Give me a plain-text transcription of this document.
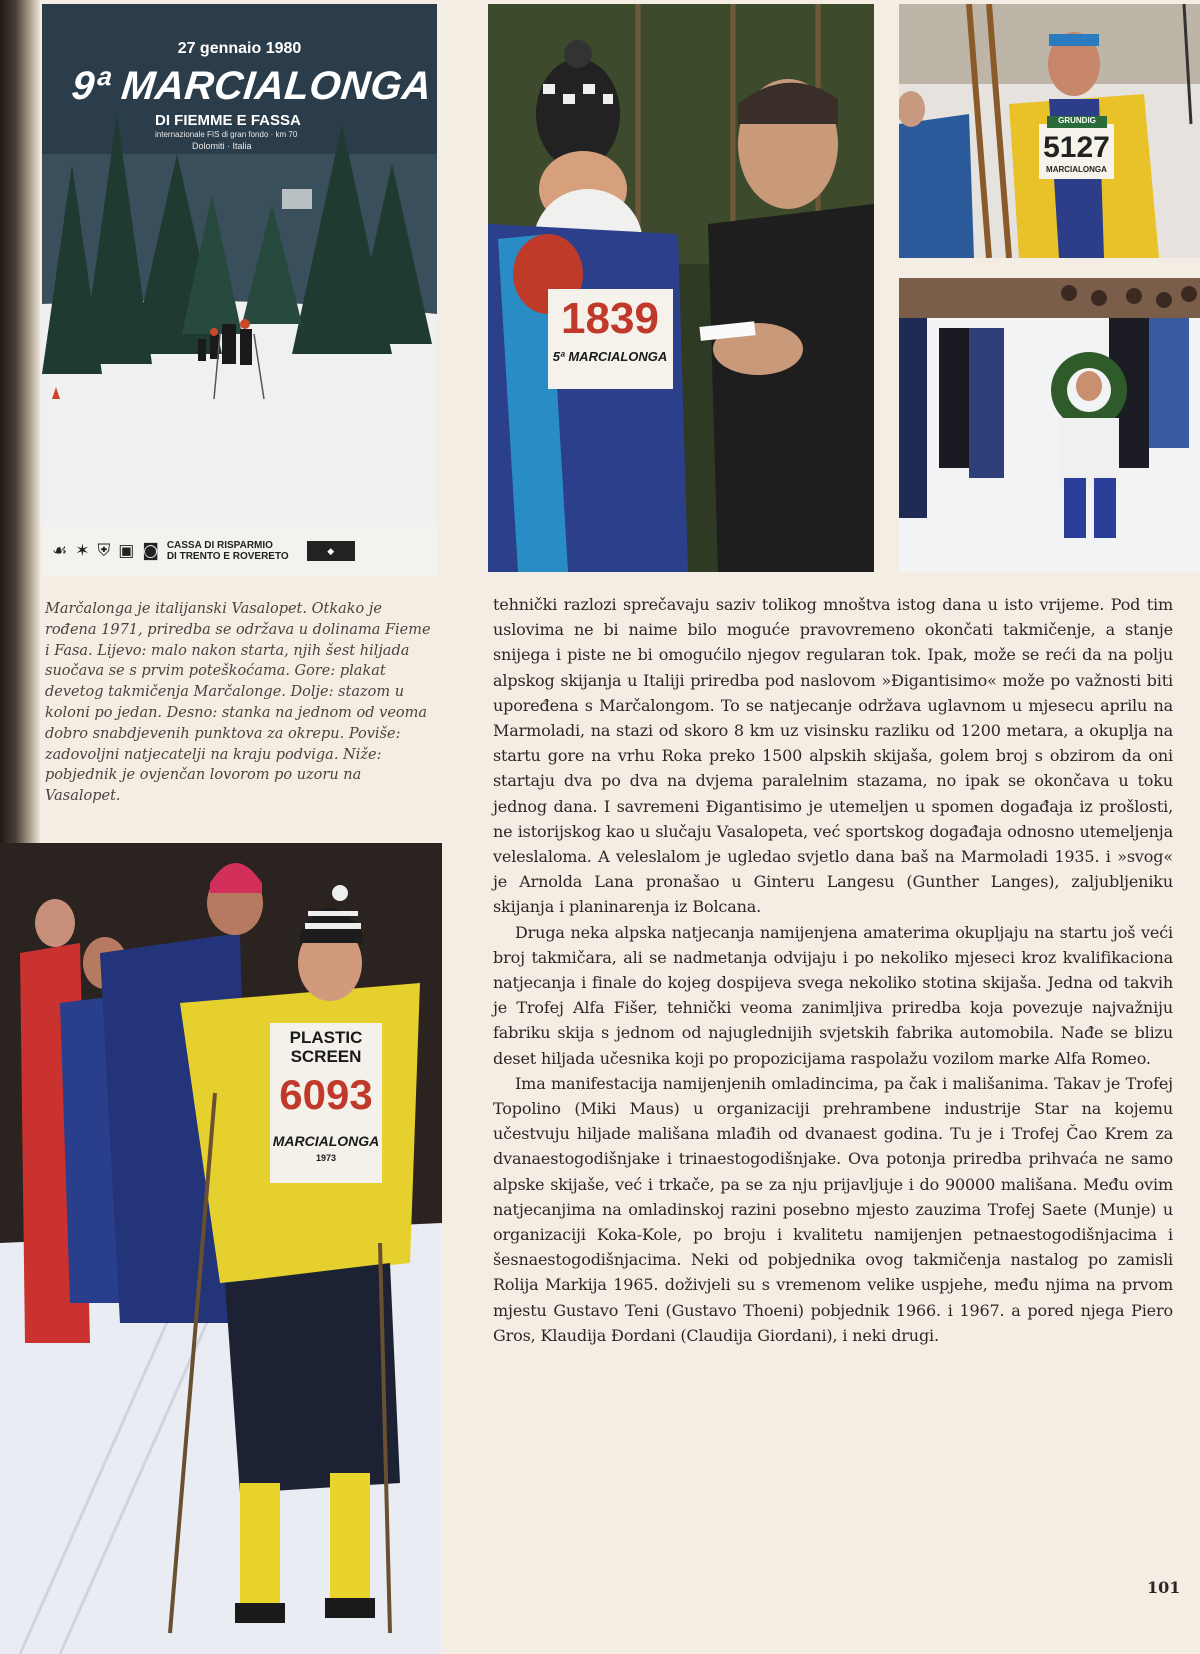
27 gennaio 1980
9ª MARCIALONGA
DI FIEMME E FASSA
internazionale FIS di gran fondo · km 70
Dolomiti · Italia
☙ ✶ ⛨ ▣ ◙ CASSA DI RISPARMIO
DI TRENTO E ROVERETO	◆
1839
5ª MARCIALONGA
GRUNDIG
5127
MARCIALONGA
PLASTIC SCREEN
6093
MARCIALONGA
1973

Marčalonga je italijanski Vasalopet. Otkako je rođena 1971, priredba se održava u dolinama Fieme i Fasa. Lijevo: malo nakon starta, njih šest hiljada suočava se s prvim poteškoćama. Gore: plakat devetog takmičenja Marčalonge. Dolje: stazom u koloni po jedan. Desno: stanka na jednom od veoma dobro snabdjevenih punktova za okrepu. Poviše: zadovoljni natjecatelji na kraju podviga. Niže: pobjednik je ovjenčan lovorom po uzoru na Vasalopet.

tehnički razlozi sprečavaju saziv tolikog mnoštva istog dana u isto vrijeme. Pod tim uslovima ne bi naime bilo moguće pravovremeno okončati takmičenje, a stanje snijega i piste ne bi omogućilo njegov regularan tok. Ipak, može se reći da na polju alpskog skijanja u Italiji priredba pod naslovom »Đigantisimo« može po važnosti biti upoređena s Marčalongom. To se natjecanje održava uglavnom u mjesecu aprilu na Marmoladi, na stazi od skoro 8 km uz visinsku razliku od 1200 metara, a okuplja na startu gore na vrhu Roka preko 1500 alpskih skijaša, golem broj s obzirom da oni startaju dva po dva na dvjema paralelnim stazama, no ipak se okončava u toku jednog dana. I savremeni Đigantisimo je utemeljen u spomen događaja iz prošlosti, ne istorijskog kao u slučaju Vasalopeta, već sportskog događaja odnosno utemeljenja veleslaloma. A veleslalom je ugledao svjetlo dana baš na Marmoladi 1935. i »svog« je Arnolda Lana pronašao u Ginteru Langesu (Gunther Langes), zaljubljeniku skijanja i planinarenja iz Bolcana.

Druga neka alpska natjecanja namijenjena amaterima okupljaju na startu još veći broj takmičara, ali se nadmetanja odvijaju i po nekoliko mjeseci kroz kvalifikaciona natjecanja i finale do kojeg dospijeva svega nekoliko stotina skijaša. Jedna od takvih je Trofej Alfa Fišer, tehnički veoma zanimljiva priredba koja povezuje najvažniju fabriku skija s jednom od najuglednijih svjetskih fabrika automobila. Nađe se blizu deset hiljada učesnika koji po propozicijama raspolažu vozilom marke Alfa Romeo.

Ima manifestacija namijenjenih omladincima, pa čak i mališanima. Takav je Trofej Topolino (Miki Maus) u organizaciji prehrambene industrije Star na kojemu učestvuju hiljade mališana mlađih od dvanaest godina. Tu je i Trofej Čao Krem za dvanaestogodišnjake i trinaestogodišnjake. Ova potonja priredba prihvaća ne samo alpske skijaše, već i trkače, pa se za nju prijavljuje i do 90000 mališana. Među ovim natjecanjima na omladinskoj razini posebno mjesto zauzima Trofej Saete (Munje) u organizaciji Koka-Kole, po broju i kvalitetu namijenjen petnaestogodišnjacima i šesnaestogodišnjacima. Neki od pobjednika ovog takmičenja nastalog po zamisli Rolija Markija 1965. doživjeli su s vremenom velike uspjehe, među njima na prvom mjestu Gustavo Teni (Gustavo Thoeni) pobjednik 1966. i 1967. a pored njega Piero Gros, Klaudija Đordani (Claudija Giordani), i neki drugi.

101
